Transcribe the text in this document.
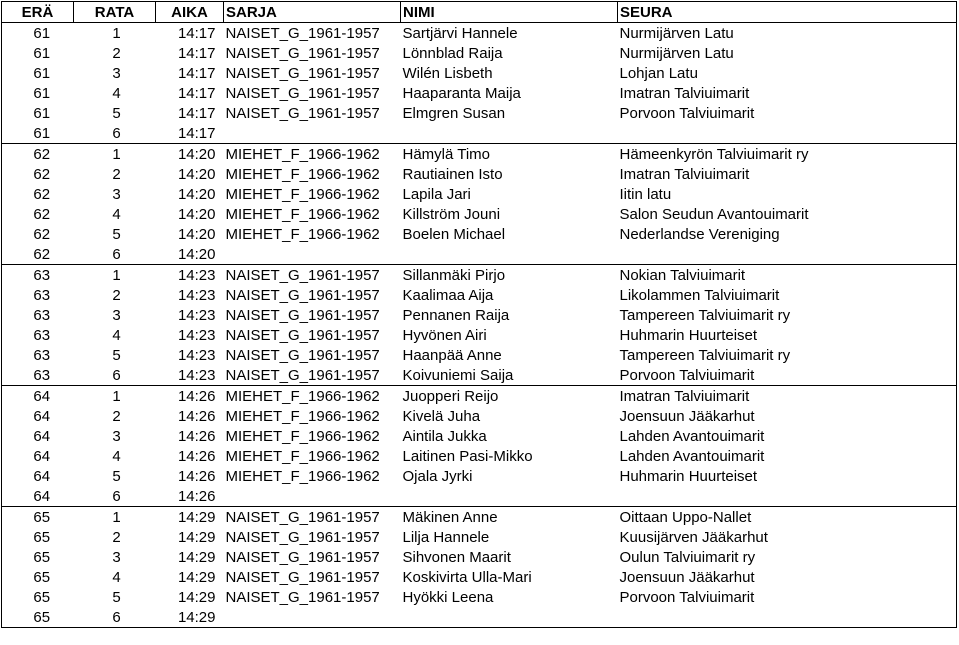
ERÄ	RATA	AIKA	SARJA	NIMI	SEURA
61	1	14:17	NAISET_G_1961-1957	Sartjärvi Hannele	Nurmijärven Latu
61	2	14:17	NAISET_G_1961-1957	Lönnblad Raija	Nurmijärven Latu
61	3	14:17	NAISET_G_1961-1957	Wilén Lisbeth	Lohjan Latu
61	4	14:17	NAISET_G_1961-1957	Haaparanta Maija	Imatran Talviuimarit
61	5	14:17	NAISET_G_1961-1957	Elmgren Susan	Porvoon Talviuimarit
61	6	14:17			
62	1	14:20	MIEHET_F_1966-1962	Hämylä Timo	Hämeenkyrön Talviuimarit ry
62	2	14:20	MIEHET_F_1966-1962	Rautiainen Isto	Imatran Talviuimarit
62	3	14:20	MIEHET_F_1966-1962	Lapila Jari	Iitin latu
62	4	14:20	MIEHET_F_1966-1962	Killström Jouni	Salon Seudun Avantouimarit
62	5	14:20	MIEHET_F_1966-1962	Boelen Michael	Nederlandse Vereniging
62	6	14:20			
63	1	14:23	NAISET_G_1961-1957	Sillanmäki Pirjo	Nokian Talviuimarit
63	2	14:23	NAISET_G_1961-1957	Kaalimaa Aija	Likolammen Talviuimarit
63	3	14:23	NAISET_G_1961-1957	Pennanen Raija	Tampereen Talviuimarit ry
63	4	14:23	NAISET_G_1961-1957	Hyvönen Airi	Huhmarin Huurteiset
63	5	14:23	NAISET_G_1961-1957	Haanpää Anne	Tampereen Talviuimarit ry
63	6	14:23	NAISET_G_1961-1957	Koivuniemi Saija	Porvoon Talviuimarit
64	1	14:26	MIEHET_F_1966-1962	Juopperi Reijo	Imatran Talviuimarit
64	2	14:26	MIEHET_F_1966-1962	Kivelä Juha	Joensuun Jääkarhut
64	3	14:26	MIEHET_F_1966-1962	Aintila Jukka	Lahden Avantouimarit
64	4	14:26	MIEHET_F_1966-1962	Laitinen Pasi-Mikko	Lahden Avantouimarit
64	5	14:26	MIEHET_F_1966-1962	Ojala Jyrki	Huhmarin Huurteiset
64	6	14:26			
65	1	14:29	NAISET_G_1961-1957	Mäkinen Anne	Oittaan Uppo-Nallet
65	2	14:29	NAISET_G_1961-1957	Lilja Hannele	Kuusijärven Jääkarhut
65	3	14:29	NAISET_G_1961-1957	Sihvonen Maarit	Oulun Talviuimarit ry
65	4	14:29	NAISET_G_1961-1957	Koskivirta Ulla-Mari	Joensuun Jääkarhut
65	5	14:29	NAISET_G_1961-1957	Hyökki Leena	Porvoon Talviuimarit
65	6	14:29			
